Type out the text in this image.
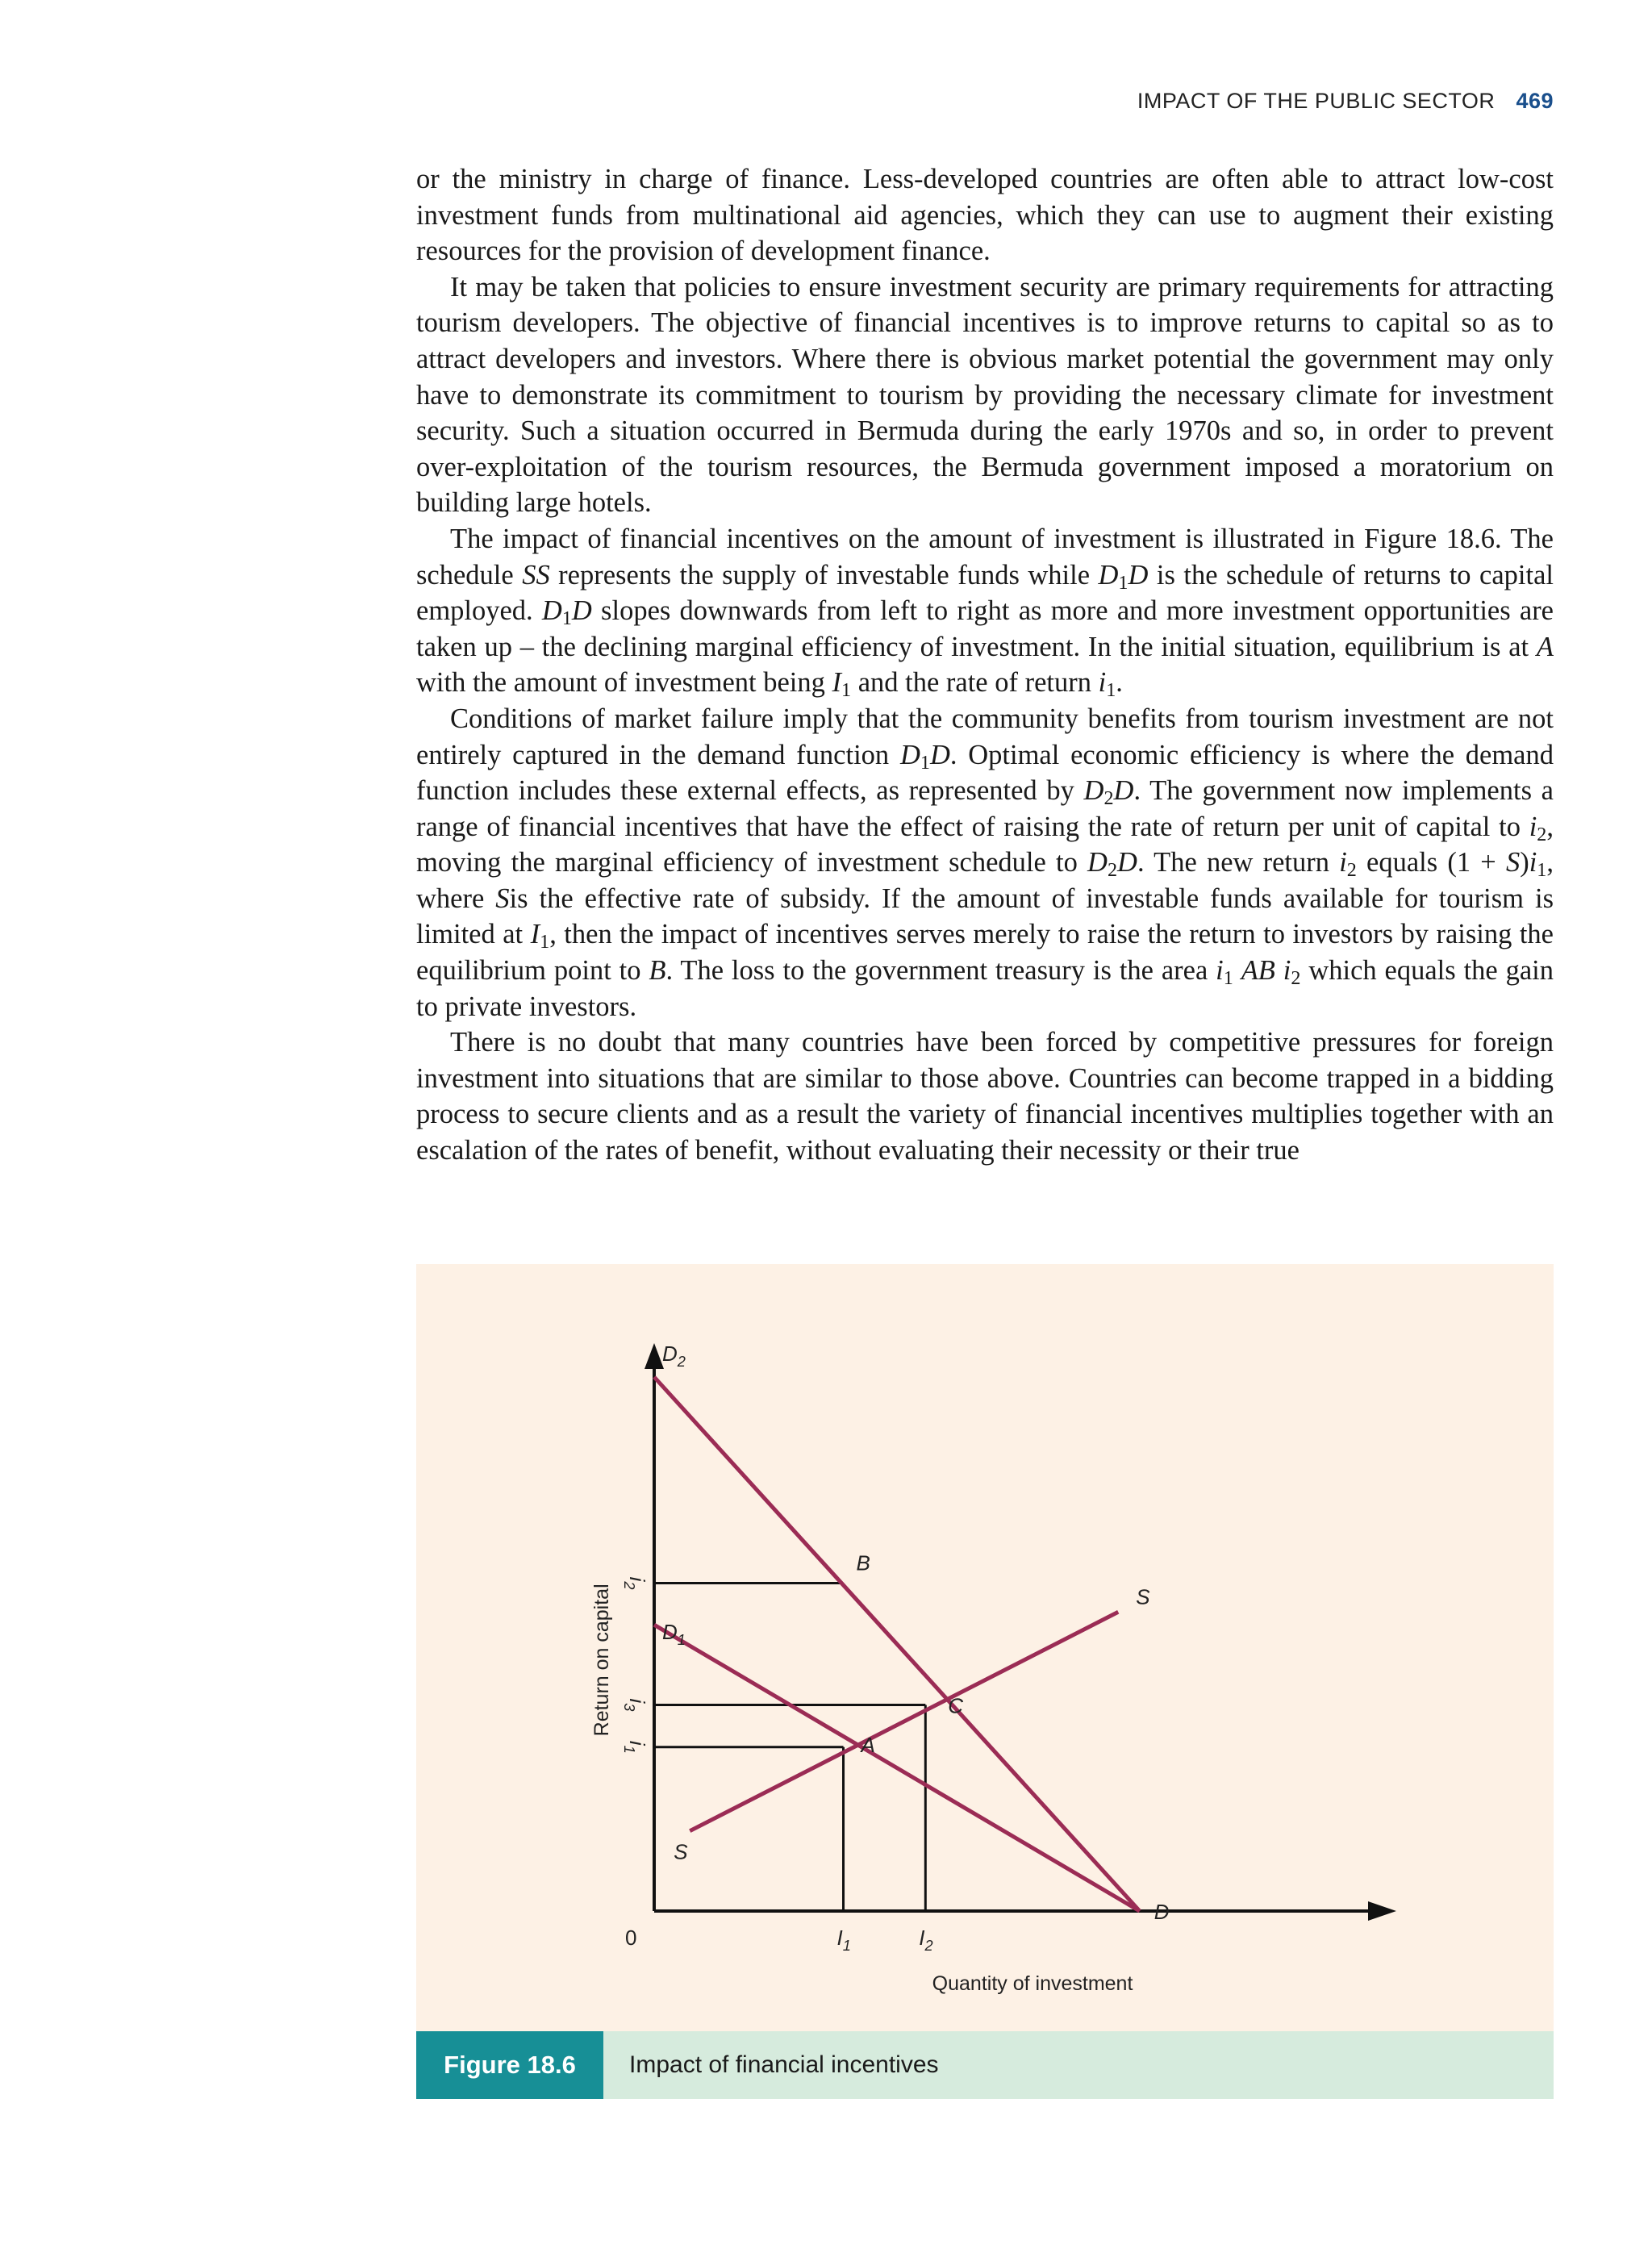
IMPACT OF THE PUBLIC SECTOR 469

or the ministry in charge of finance. Less-developed countries are often able to attract low-cost investment funds from multinational aid agencies, which they can use to augment their existing resources for the provision of development finance.

It may be taken that policies to ensure investment security are primary requirements for attracting tourism developers. The objective of financial incentives is to improve returns to capital so as to attract developers and investors. Where there is obvious market potential the government may only have to demonstrate its commitment to tourism by providing the necessary climate for investment security. Such a situation occurred in Bermuda during the early 1970s and so, in order to prevent over-exploitation of the tourism resources, the Bermuda government imposed a moratorium on building large hotels.

The impact of financial incentives on the amount of investment is illustrated in Figure 18.6. The schedule SS represents the supply of investable funds while $D_1D$ is the schedule of returns to capital employed. $D_1D$ slopes downwards from left to right as more and more investment opportunities are taken up – the declining marginal efficiency of investment. In the initial situation, equilibrium is at A with the amount of investment being $I_1$ and the rate of return $i_1$.

Conditions of market failure imply that the community benefits from tourism investment are not entirely captured in the demand function $D_1D$. Optimal economic efficiency is where the demand function includes these external effects, as represented by $D_2D$. The government now implements a range of financial incentives that have the effect of raising the rate of return per unit of capital to $i_2$, moving the marginal efficiency of investment schedule to $D_2D$. The new return $i_2$ equals $(1 + S)i_1$, where Sis the effective rate of subsidy. If the amount of investable funds available for tourism is limited at $I_1$, then the impact of incentives serves merely to raise the return to investors by raising the equilibrium point to B. The loss to the government treasury is the area $i_1$ AB $i_2$ which equals the gain to private investors.

There is no doubt that many countries have been forced by competitive pressures for foreign investment into situations that are similar to those above. Countries can become trapped in a bidding process to secure clients and as a result the variety of financial incentives multiplies together with an escalation of the rates of benefit, without evaluating their necessity or their true

$D_1$
$D_2$
D
S
S
A
B
C
$i_1$
$i_3$
$i_2$
$I_1$	$I_2$
0
Quantity of investment
Return on capital
Figure 18.6	Impact of financial incentives
